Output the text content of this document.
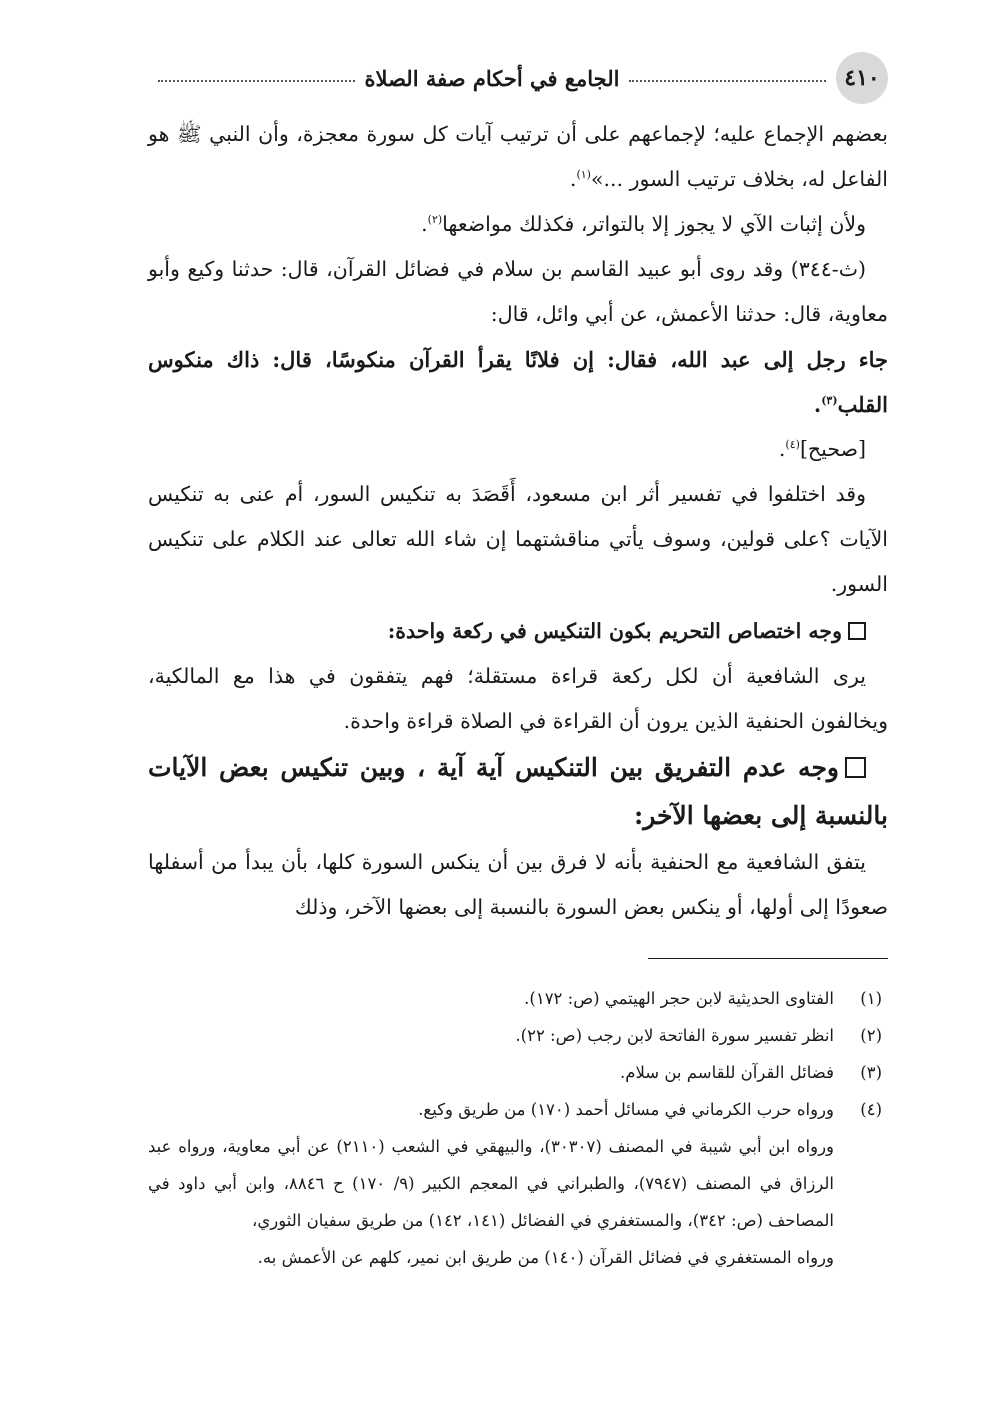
٤١٠
الجامع في أحكام صفة الصلاة

بعضهم الإجماع عليه؛ لإجماعهم على أن ترتيب آيات كل سورة معجزة، وأن النبي ﷺ هو الفاعل له، بخلاف ترتيب السور ...»$^{(١)}$.

ولأن إثبات الآي لا يجوز إلا بالتواتر، فكذلك مواضعها$^{(٢)}$.

(ث-٣٤٤) وقد روى أبو عبيد القاسم بن سلام في فضائل القرآن، قال: حدثنا وكيع وأبو معاوية، قال: حدثنا الأعمش، عن أبي وائل، قال:

جاء رجل إلى عبد الله، فقال: إن فلانًا يقرأ القرآن منكوسًا، قال: ذاك منكوس القلب$^{(٣)}$.

[صحيح]$^{(٤)}$.

وقد اختلفوا في تفسير أثر ابن مسعود، أَقَصَدَ به تنكيس السور، أم عنى به تنكيس الآيات ؟على قولين، وسوف يأتي مناقشتهما إن شاء الله تعالى عند الكلام على تنكيس السور.

وجه اختصاص التحريم بكون التنكيس في ركعة واحدة:

يرى الشافعية أن لكل ركعة قراءة مستقلة؛ فهم يتفقون في هذا مع المالكية، ويخالفون الحنفية الذين يرون أن القراءة في الصلاة قراءة واحدة.

وجه عدم التفريق بين التنكيس آية آية ، وبين تنكيس بعض الآيات بالنسبة إلى بعضها الآخر:

يتفق الشافعية مع الحنفية بأنه لا فرق بين أن ينكس السورة كلها، بأن يبدأ من أسفلها صعودًا إلى أولها، أو ينكس بعض السورة بالنسبة إلى بعضها الآخر، وذلك

(١)
الفتاوى الحديثية لابن حجر الهيتمي (ص: ١٧٢).
(٢)
انظر تفسير سورة الفاتحة لابن رجب (ص: ٢٢).
(٣)
فضائل القرآن للقاسم بن سلام.
(٤)
ورواه حرب الكرماني في مسائل أحمد (١٧٠) من طريق وكيع.
ورواه ابن أبي شيبة في المصنف (٣٠٣٠٧)، والبيهقي في الشعب (٢١١٠) عن أبي معاوية، ورواه عبد الرزاق في المصنف (٧٩٤٧)، والطبراني في المعجم الكبير (٩/ ١٧٠) ح ٨٨٤٦، وابن أبي داود في المصاحف (ص: ٣٤٢)، والمستغفري في الفضائل (١٤١، ١٤٢) من طريق سفيان الثوري،
ورواه المستغفري في فضائل القرآن (١٤٠) من طريق ابن نمير، كلهم عن الأعمش به.
